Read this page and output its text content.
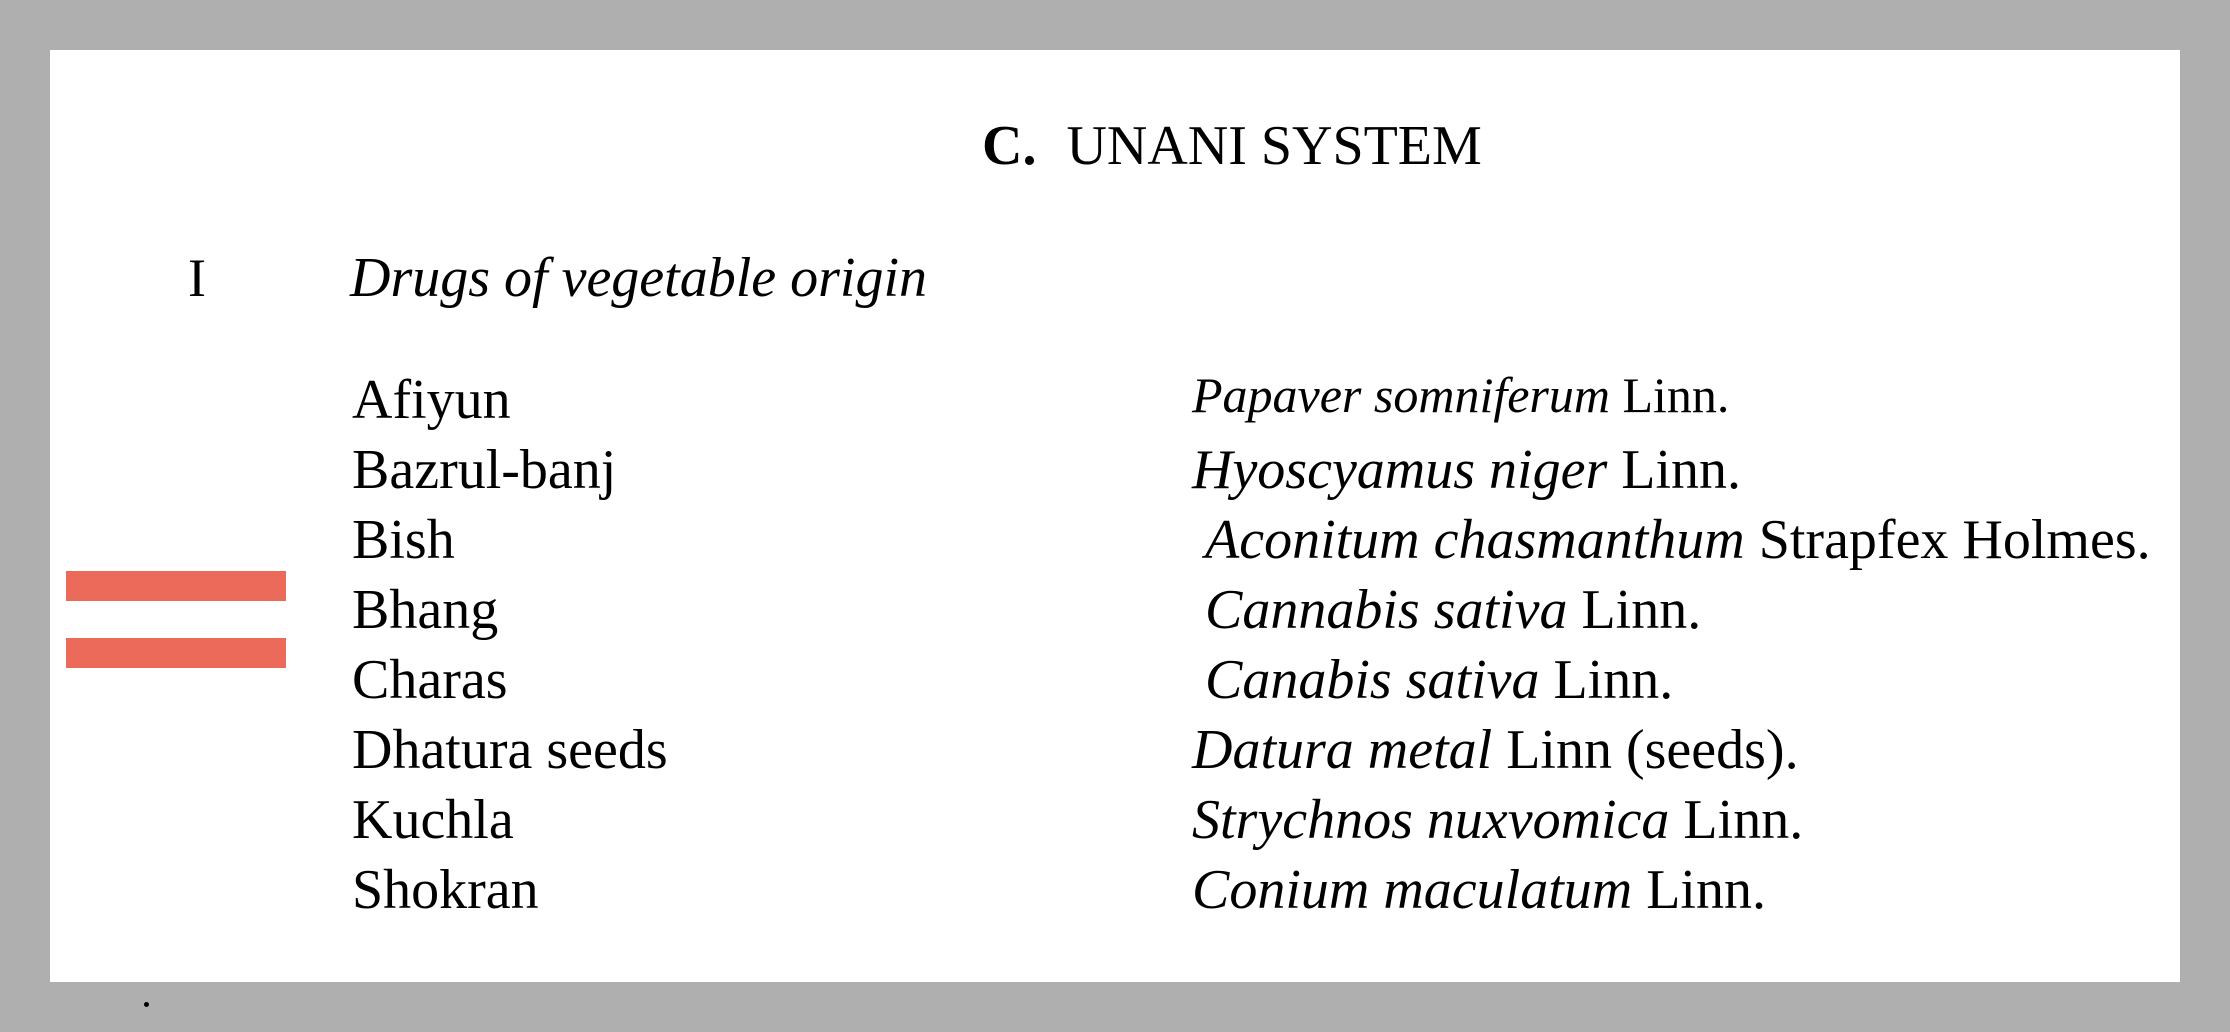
C. UNANI SYSTEM
I	Drugs of vegetable origin
Afiyun	Papaver somniferum Linn.
Bazrul-banj	Hyoscyamus niger Linn.
Bish	Aconitum chasmanthum Strapfex Holmes.
Bhang	Cannabis sativa Linn.
Charas	Canabis sativa Linn.
Dhatura seeds	Datura metal Linn (seeds).
Kuchla	Strychnos nuxvomica Linn.
Shokran	Conium maculatum Linn.
